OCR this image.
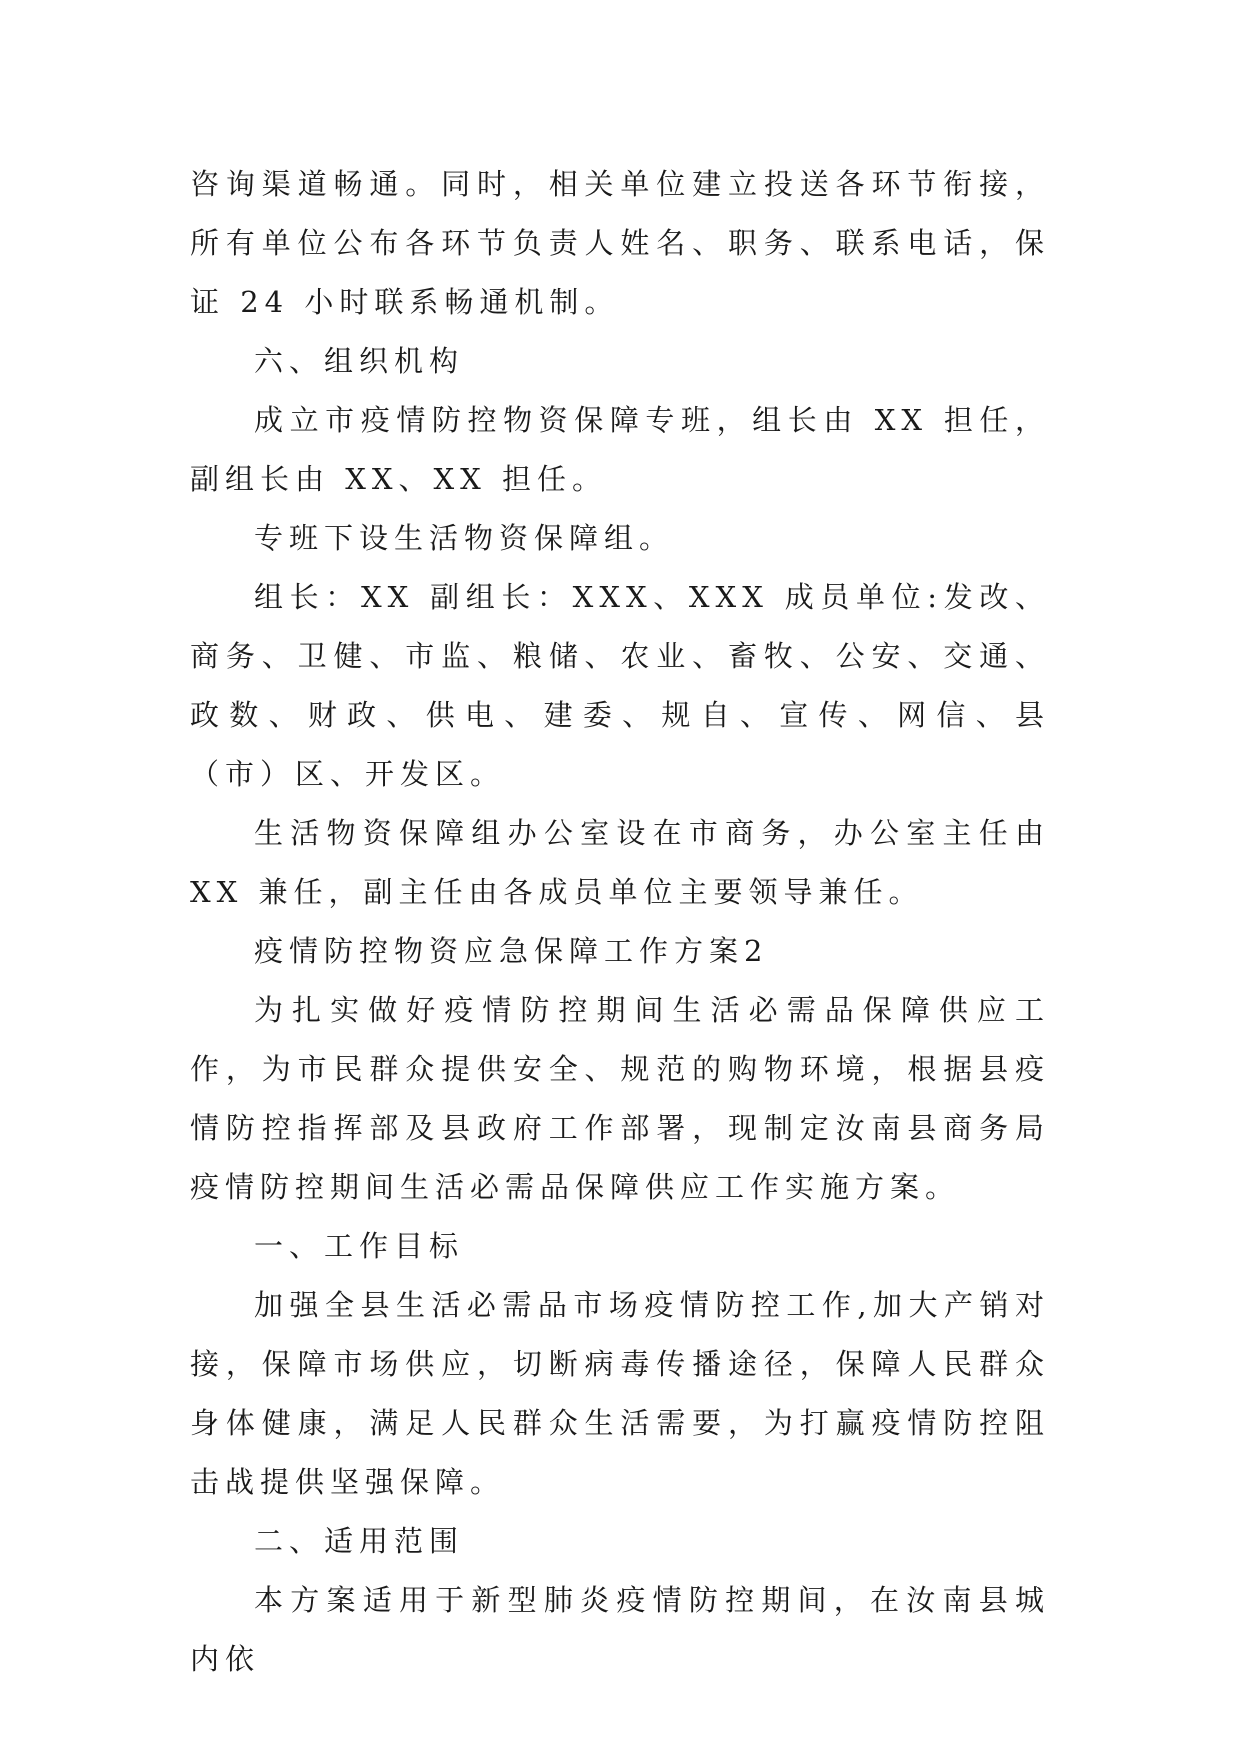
咨询渠道畅通。同时，相关单位建立投送各环节衔接，所有单位公布各环节负责人姓名、职务、联系电话，保证 24 小时联系畅通机制。

六、组织机构

成立市疫情防控物资保障专班，组长由 XX 担任，副组长由 XX、XX 担任。

专班下设生活物资保障组。

组长：XX 副组长：XXX、XXX 成员单位:发改、商务、卫健、市监、粮储、农业、畜牧、公安、交通、政数、财政、供电、建委、规自、宣传、网信、县（市）区、开发区。

生活物资保障组办公室设在市商务，办公室主任由 XX 兼任，副主任由各成员单位主要领导兼任。

疫情防控物资应急保障工作方案2

为扎实做好疫情防控期间生活必需品保障供应工作，为市民群众提供安全、规范的购物环境，根据县疫情防控指挥部及县政府工作部署，现制定汝南县商务局疫情防控期间生活必需品保障供应工作实施方案。

一、工作目标

加强全县生活必需品市场疫情防控工作,加大产销对接，保障市场供应，切断病毒传播途径，保障人民群众身体健康，满足人民群众生活需要，为打赢疫情防控阻击战提供坚强保障。

二、适用范围

本方案适用于新型肺炎疫情防控期间，在汝南县城内依
